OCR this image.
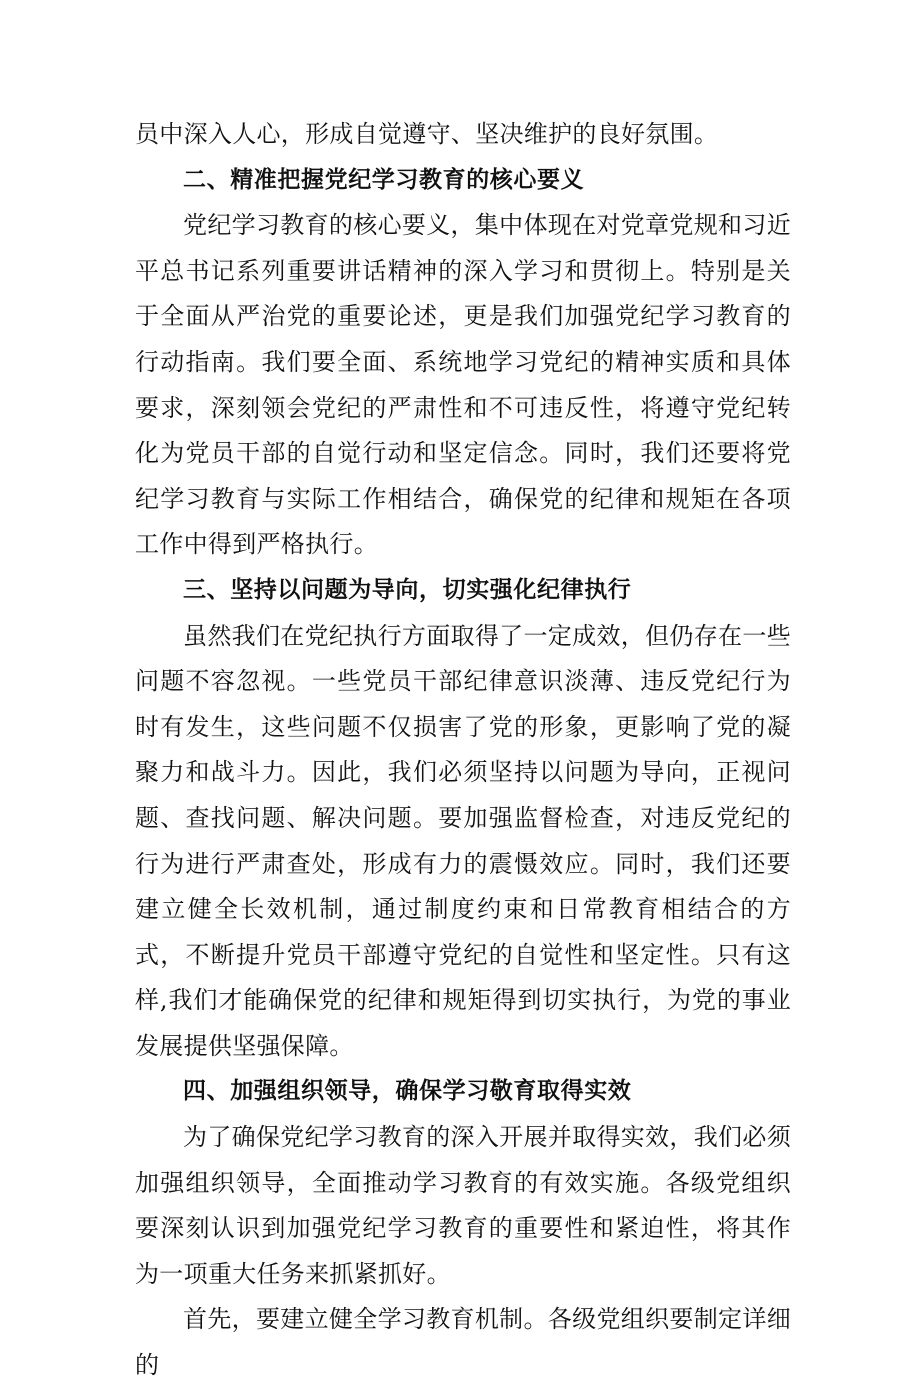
员中深入人心，形成自觉遵守、坚决维护的良好氛围。

二、精准把握党纪学习教育的核心要义

党纪学习教育的核心要义，集中体现在对党章党规和习近平总书记系列重要讲话精神的深入学习和贯彻上。特别是关于全面从严治党的重要论述，更是我们加强党纪学习教育的行动指南。我们要全面、系统地学习党纪的精神实质和具体要求，深刻领会党纪的严肃性和不可违反性，将遵守党纪转化为党员干部的自觉行动和坚定信念。同时，我们还要将党纪学习教育与实际工作相结合，确保党的纪律和规矩在各项工作中得到严格执行。

三、坚持以问题为导向，切实强化纪律执行

虽然我们在党纪执行方面取得了一定成效，但仍存在一些问题不容忽视。一些党员干部纪律意识淡薄、违反党纪行为时有发生，这些问题不仅损害了党的形象，更影响了党的凝聚力和战斗力。因此，我们必须坚持以问题为导向，正视问题、查找问题、解决问题。要加强监督检查，对违反党纪的行为进行严肃查处，形成有力的震慑效应。同时，我们还要建立健全长效机制，通过制度约束和日常教育相结合的方式，不断提升党员干部遵守党纪的自觉性和坚定性。只有这样,我们才能确保党的纪律和规矩得到切实执行，为党的事业发展提供坚强保障。

四、加强组织领导，确保学习敬育取得实效

为了确保党纪学习教育的深入开展并取得实效，我们必须加强组织领导，全面推动学习教育的有效实施。各级党组织要深刻认识到加强党纪学习教育的重要性和紧迫性，将其作为一项重大任务来抓紧抓好。

首先，要建立健全学习教育机制。各级党组织要制定详细的
